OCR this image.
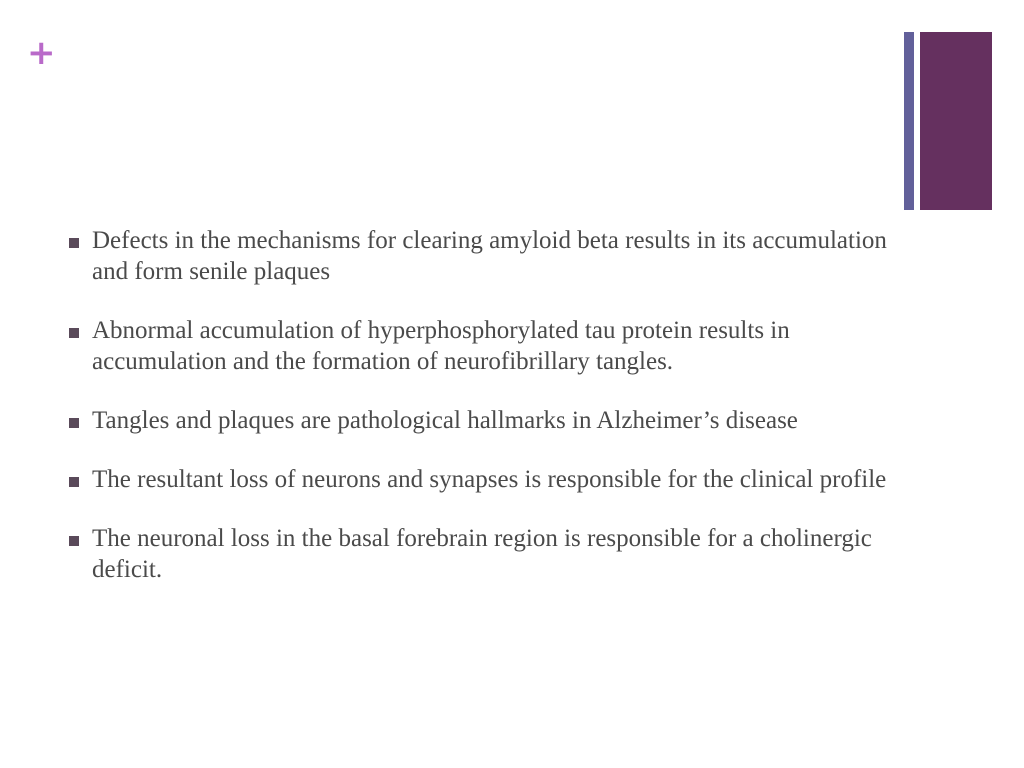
+
Defects in the mechanisms for clearing amyloid beta results in its accumulation and form senile plaques
Abnormal accumulation of hyperphosphorylated tau protein results in accumulation and the formation of neurofibrillary tangles.
Tangles and plaques are pathological hallmarks in Alzheimer’s disease
The resultant loss of neurons and synapses is responsible for the clinical profile
The neuronal loss in the basal forebrain region is responsible for a cholinergic deficit.
